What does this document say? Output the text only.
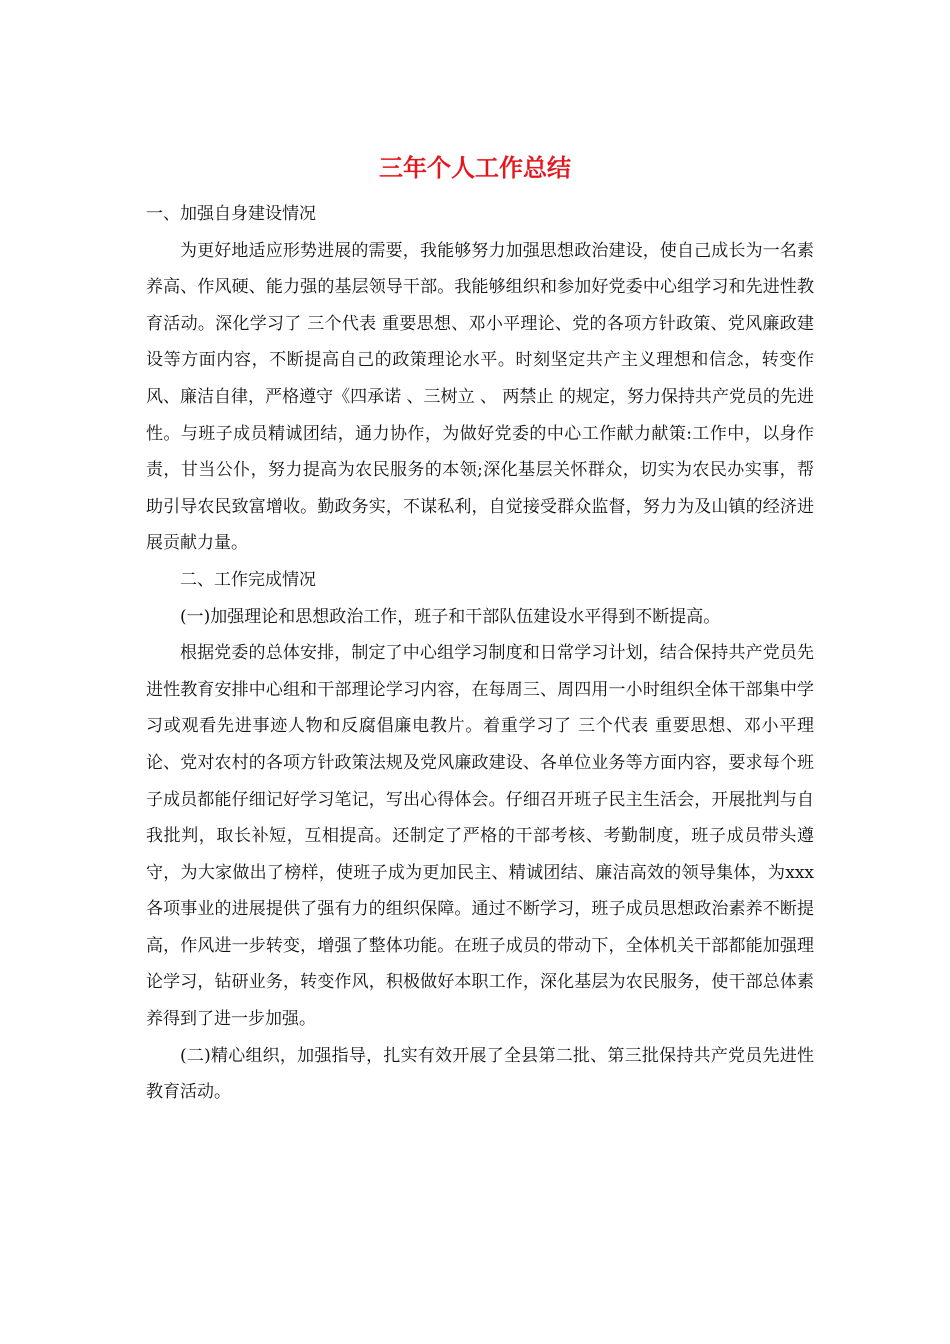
三年个人工作总结

一、加强自身建设情况

为更好地适应形势进展的需要，我能够努力加强思想政治建设，使自己成长为一名素养高、作风硬、能力强的基层领导干部。我能够组织和参加好党委中心组学习和先进性教育活动。深化学习了 三个代表 重要思想、邓小平理论、党的各项方针政策、党风廉政建设等方面内容，不断提高自己的政策理论水平。时刻坚定共产主义理想和信念，转变作风、廉洁自律，严格遵守《四承诺 、三树立 、 两禁止 的规定，努力保持共产党员的先进性。与班子成员精诚团结，通力协作，为做好党委的中心工作献力献策:工作中，以身作责，甘当公仆，努力提高为农民服务的本领;深化基层关怀群众，切实为农民办实事，帮助引导农民致富增收。勤政务实，不谋私利，自觉接受群众监督，努力为及山镇的经济进展贡献力量。

二、工作完成情况

(一)加强理论和思想政治工作，班子和干部队伍建设水平得到不断提高。

根据党委的总体安排，制定了中心组学习制度和日常学习计划，结合保持共产党员先进性教育安排中心组和干部理论学习内容，在每周三、周四用一小时组织全体干部集中学习或观看先进事迹人物和反腐倡廉电教片。着重学习了 三个代表 重要思想、邓小平理论、党对农村的各项方针政策法规及党风廉政建设、各单位业务等方面内容，要求每个班子成员都能仔细记好学习笔记，写出心得体会。仔细召开班子民主生活会，开展批判与自我批判，取长补短，互相提高。还制定了严格的干部考核、考勤制度，班子成员带头遵守，为大家做出了榜样，使班子成为更加民主、精诚团结、廉洁高效的领导集体，为xxx各项事业的进展提供了强有力的组织保障。通过不断学习，班子成员思想政治素养不断提高，作风进一步转变，增强了整体功能。在班子成员的带动下，全体机关干部都能加强理论学习，钻研业务，转变作风，积极做好本职工作，深化基层为农民服务，使干部总体素养得到了进一步加强。

(二)精心组织，加强指导，扎实有效开展了全县第二批、第三批保持共产党员先进性教育活动。
